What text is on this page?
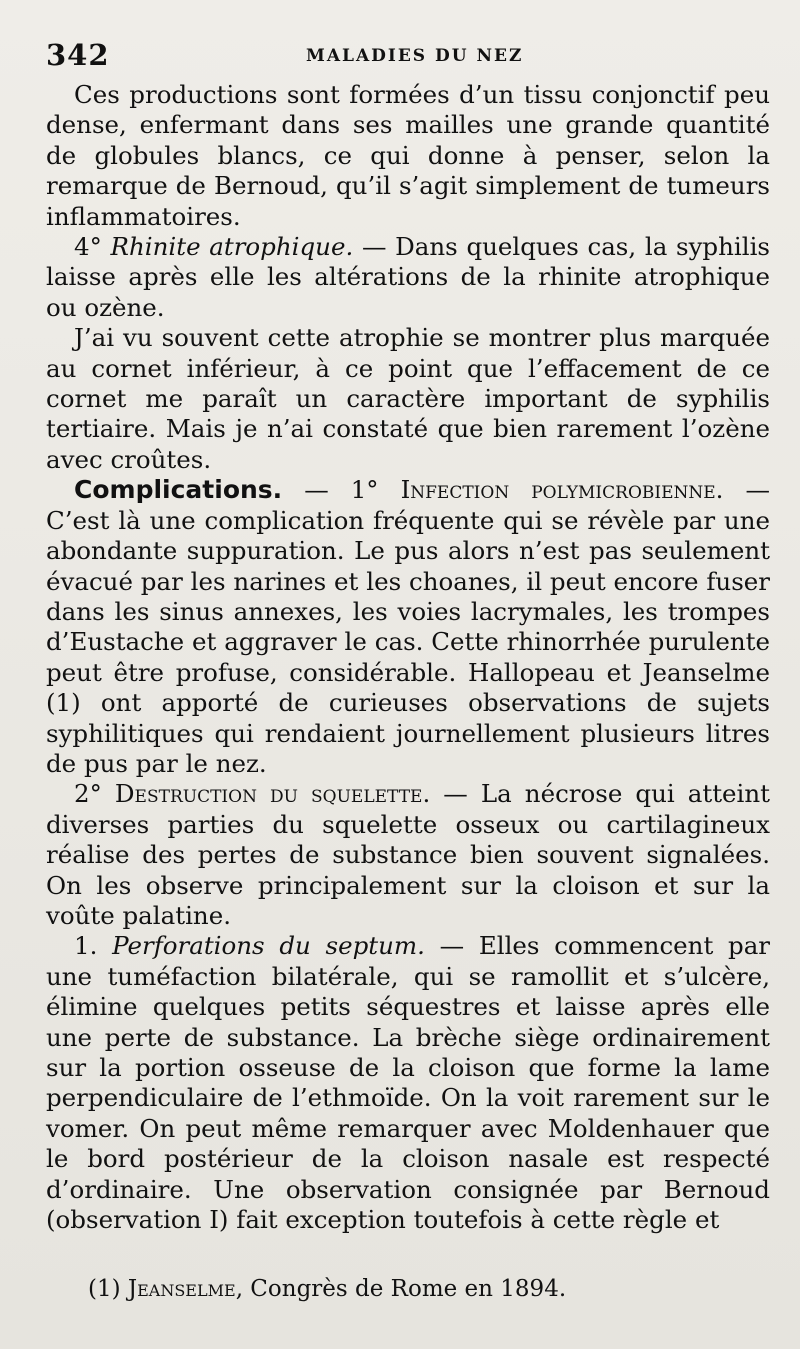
342	MALADIES DU NEZ

Ces productions sont formées d’un tissu conjonctif peu dense, enfermant dans ses mailles une grande quantité de globules blancs, ce qui donne à penser, selon la remarque de Bernoud, qu’il s’agit simplement de tumeurs inflammatoires.

4° Rhinite atrophique. — Dans quelques cas, la syphilis laisse après elle les altérations de la rhinite atrophique ou ozène.

J’ai vu souvent cette atrophie se montrer plus marquée au cornet inférieur, à ce point que l’effacement de ce cornet me paraît un caractère important de syphilis tertiaire. Mais je n’ai constaté que bien rarement l’ozène avec croûtes.

Complications. — 1° Infection polymicrobienne. — C’est là une complication fréquente qui se révèle par une abondante suppuration. Le pus alors n’est pas seulement évacué par les narines et les choanes, il peut encore fuser dans les sinus annexes, les voies lacrymales, les trompes d’Eustache et aggraver le cas. Cette rhinorrhée purulente peut être profuse, considérable. Hallopeau et Jeanselme (1) ont apporté de curieuses observations de sujets syphilitiques qui rendaient journellement plusieurs litres de pus par le nez.

2° Destruction du squelette. — La nécrose qui atteint diverses parties du squelette osseux ou cartilagineux réalise des pertes de substance bien souvent signalées. On les observe principalement sur la cloison et sur la voûte palatine.

1. Perforations du septum. — Elles commencent par une tuméfaction bilatérale, qui se ramollit et s’ulcère, élimine quelques petits séquestres et laisse après elle une perte de substance. La brèche siège ordinairement sur la portion osseuse de la cloison que forme la lame perpendiculaire de l’ethmoïde. On la voit rarement sur le vomer. On peut même remarquer avec Moldenhauer que le bord postérieur de la cloison nasale est respecté d’ordinaire. Une observation consignée par Bernoud (observation I) fait exception toutefois à cette règle et

(1) Jeanselme, Congrès de Rome en 1894.
